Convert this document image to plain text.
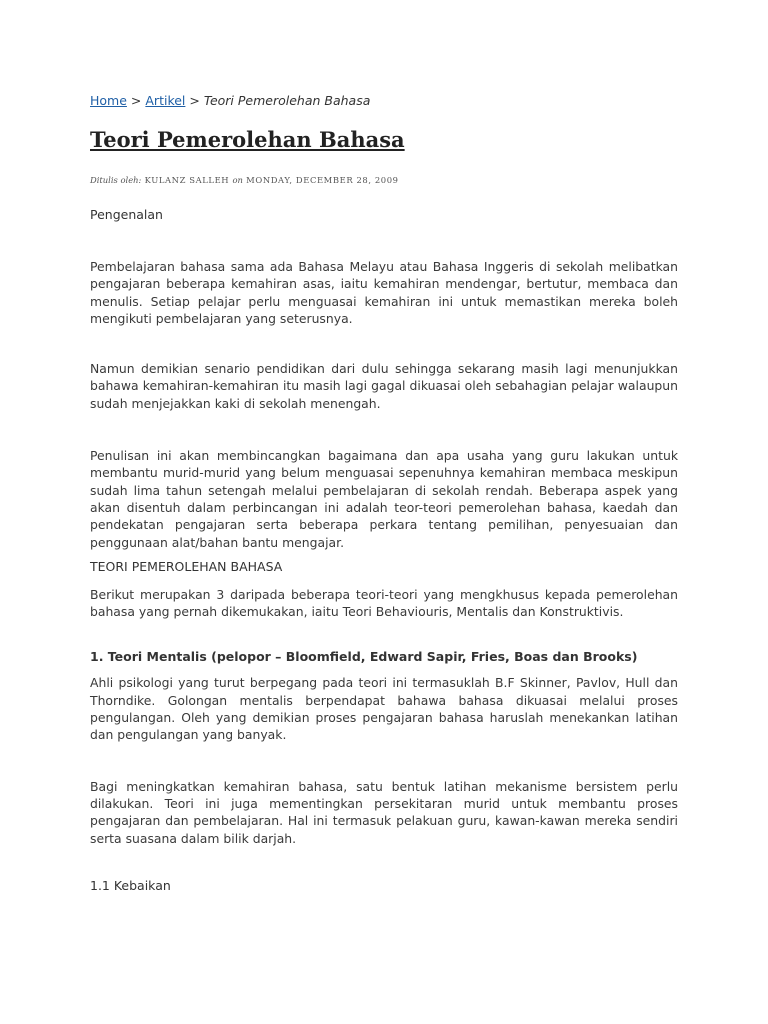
Home > Artikel > Teori Pemerolehan Bahasa

Teori Pemerolehan Bahasa

Ditulis oleh: KULANZ SALLEH on MONDAY, DECEMBER 28, 2009

Pengenalan

Pembelajaran bahasa sama ada Bahasa Melayu atau Bahasa Inggeris di sekolah melibatkan pengajaran beberapa kemahiran asas, iaitu kemahiran mendengar, bertutur, membaca dan menulis. Setiap pelajar perlu menguasai kemahiran ini untuk memastikan mereka boleh mengikuti pembelajaran yang seterusnya.

Namun demikian senario pendidikan dari dulu sehingga sekarang masih lagi menunjukkan bahawa kemahiran-kemahiran itu masih lagi gagal dikuasai oleh sebahagian pelajar walaupun sudah menjejakkan kaki di sekolah menengah.

Penulisan ini akan membincangkan bagaimana dan apa usaha yang guru lakukan untuk membantu murid-murid yang belum menguasai sepenuhnya kemahiran membaca meskipun sudah lima tahun setengah melalui pembelajaran di sekolah rendah. Beberapa aspek yang akan disentuh dalam perbincangan ini adalah teor-teori pemerolehan bahasa, kaedah dan pendekatan pengajaran serta beberapa perkara tentang pemilihan, penyesuaian dan penggunaan alat/bahan bantu mengajar.

TEORI PEMEROLEHAN BAHASA

Berikut merupakan 3 daripada beberapa teori-teori yang mengkhusus kepada pemerolehan bahasa yang pernah dikemukakan, iaitu Teori Behaviouris, Mentalis dan Konstruktivis.

1. Teori Mentalis (pelopor – Bloomfield, Edward Sapir, Fries, Boas dan Brooks)

Ahli psikologi yang turut berpegang pada teori ini termasuklah B.F Skinner, Pavlov, Hull dan Thorndike. Golongan mentalis berpendapat bahawa bahasa dikuasai melalui proses pengulangan. Oleh yang demikian proses pengajaran bahasa haruslah menekankan latihan dan pengulangan yang banyak.

Bagi meningkatkan kemahiran bahasa, satu bentuk latihan mekanisme bersistem perlu dilakukan. Teori ini juga mementingkan persekitaran murid untuk membantu proses pengajaran dan pembelajaran. Hal ini termasuk pelakuan guru, kawan-kawan mereka sendiri serta suasana dalam bilik darjah.

1.1 Kebaikan
